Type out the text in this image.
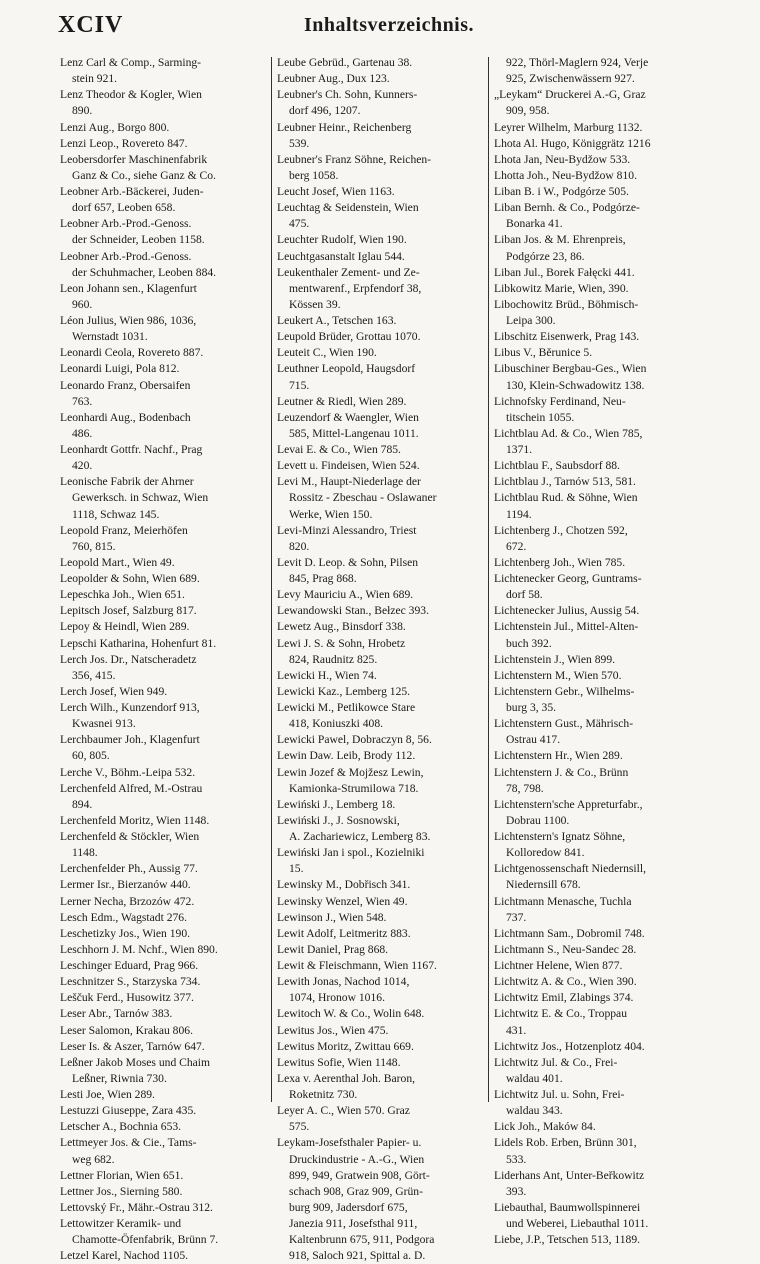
XCIV	Inhaltsverzeichnis.
Lenz Carl & Comp., Sarming-
stein 921.
Lenz Theodor & Kogler, Wien
890.
Lenzi Aug., Borgo 800.
Lenzi Leop., Rovereto 847.
Leobersdorfer Maschinenfabrik
Ganz & Co., siehe Ganz & Co.
Leobner Arb.-Bäckerei, Juden-
dorf 657, Leoben 658.
Leobner Arb.-Prod.-Genoss.
der Schneider, Leoben 1158.
Leobner Arb.-Prod.-Genoss.
der Schuhmacher, Leoben 884.
Leon Johann sen., Klagenfurt
960.
Léon Julius, Wien 986, 1036,
Wernstadt 1031.
Leonardi Ceola, Rovereto 887.
Leonardi Luigi, Pola 812.
Leonardo Franz, Obersaifen
763.
Leonhardi Aug., Bodenbach
486.
Leonhardt Gottfr. Nachf., Prag
420.
Leonische Fabrik der Ahrner
Gewerksch. in Schwaz, Wien
1118, Schwaz 145.
Leopold Franz, Meierhöfen
760, 815.
Leopold Mart., Wien 49.
Leopolder & Sohn, Wien 689.
Lepeschka Joh., Wien 651.
Lepitsch Josef, Salzburg 817.
Lepoy & Heindl, Wien 289.
Lepschi Katharina, Hohenfurt 81.
Lerch Jos. Dr., Natscheradetz
356, 415.
Lerch Josef, Wien 949.
Lerch Wilh., Kunzendorf 913,
Kwasnei 913.
Lerchbaumer Joh., Klagenfurt
60, 805.
Lerche V., Böhm.-Leipa 532.
Lerchenfeld Alfred, M.-Ostrau
894.
Lerchenfeld Moritz, Wien 1148.
Lerchenfeld & Stöckler, Wien
1148.
Lerchenfelder Ph., Aussig 77.
Lermer Isr., Bierzanów 440.
Lerner Necha, Brzozów 472.
Lesch Edm., Wagstadt 276.
Leschetizky Jos., Wien 190.
Leschhorn J. M. Nchf., Wien 890.
Leschinger Eduard, Prag 966.
Leschnitzer S., Starzyska 734.
Leščuk Ferd., Husowitz 377.
Leser Abr., Tarnów 383.
Leser Salomon, Krakau 806.
Leser Is. & Aszer, Tarnów 647.
Leßner Jakob Moses und Chaim
Leßner, Riwnia 730.
Lesti Joe, Wien 289.
Lestuzzi Giuseppe, Zara 435.
Letscher A., Bochnia 653.
Lettmeyer Jos. & Cie., Tams-
weg 682.
Lettner Florian, Wien 651.
Lettner Jos., Sierning 580.
Lettovský Fr., Mähr.-Ostrau 312.
Lettowitzer Keramik- und
Chamotte-Öfenfabrik, Brünn 7.
Letzel Karel, Nachod 1105.
Leube Gebrüd., Gartenau 38.
Leubner Aug., Dux 123.
Leubner's Ch. Sohn, Kunners-
dorf 496, 1207.
Leubner Heinr., Reichenberg
539.
Leubner's Franz Söhne, Reichen-
berg 1058.
Leucht Josef, Wien 1163.
Leuchtag & Seidenstein, Wien
475.
Leuchter Rudolf, Wien 190.
Leuchtgasanstalt Iglau 544.
Leukenthaler Zement- und Ze-
mentwarenf., Erpfendorf 38,
Kössen 39.
Leukert A., Tetschen 163.
Leupold Brüder, Grottau 1070.
Leuteit C., Wien 190.
Leuthner Leopold, Haugsdorf
715.
Leutner & Riedl, Wien 289.
Leuzendorf & Waengler, Wien
585, Mittel-Langenau 1011.
Levai E. & Co., Wien 785.
Levett u. Findeisen, Wien 524.
Levi M., Haupt-Niederlage der
Rossitz - Zbeschau - Oslawaner
Werke, Wien 150.
Levi-Minzi Alessandro, Triest
820.
Levit D. Leop. & Sohn, Pilsen
845, Prag 868.
Levy Mauriciu A., Wien 689.
Lewandowski Stan., Bełzec 393.
Lewetz Aug., Binsdorf 338.
Lewi J. S. & Sohn, Hrobetz
824, Raudnitz 825.
Lewicki H., Wien 74.
Lewicki Kaz., Lemberg 125.
Lewicki M., Petlikowce Stare
418, Koniuszki 408.
Lewicki Pawel, Dobraczyn 8, 56.
Lewin Daw. Leib, Brody 112.
Lewin Jozef & Mojžesz Lewin,
Kamionka-Strumilowa 718.
Lewiński J., Lemberg 18.
Lewiński J., J. Sosnowski,
A. Zachariewicz, Lemberg 83.
Lewiński Jan i spol., Kozielniki
15.
Lewinsky M., Dobřisch 341.
Lewinsky Wenzel, Wien 49.
Lewinson J., Wien 548.
Lewit Adolf, Leitmeritz 883.
Lewit Daniel, Prag 868.
Lewit & Fleischmann, Wien 1167.
Lewith Jonas, Nachod 1014,
1074, Hronow 1016.
Lewitoch W. & Co., Wolin 648.
Lewitus Jos., Wien 475.
Lewitus Moritz, Zwittau 669.
Lewitus Sofie, Wien 1148.
Lexa v. Aerenthal Joh. Baron,
Roketnitz 730.
Leyer A. C., Wien 570. Graz
575.
Leykam-Josefsthaler Papier- u.
Druckindustrie - A.-G., Wien
899, 949, Gratwein 908, Gört-
schach 908, Graz 909, Grün-
burg 909, Jadersdorf 675,
Janezia 911, Josefsthal 911,
Kaltenbrunn 675, 911, Podgora
918, Saloch 921, Spittal a. D.
922, Thörl-Maglern 924, Verje
925, Zwischenwässern 927.
„Leykam“ Druckerei A.-G, Graz
909, 958.
Leyrer Wilhelm, Marburg 1132.
Lhota Al. Hugo, Königgrätz 1216
Lhota Jan, Neu-Bydžow 533.
Lhotta Joh., Neu-Bydžow 810.
Liban B. i W., Podgórze 505.
Liban Bernh. & Co., Podgórze-
Bonarka 41.
Liban Jos. & M. Ehrenpreis,
Podgórze 23, 86.
Liban Jul., Borek Fałęcki 441.
Libkowitz Marie, Wien, 390.
Libochowitz Brüd., Böhmisch-
Leipa 300.
Libschitz Eisenwerk, Prag 143.
Libus V., Běrunice 5.
Libuschiner Bergbau-Ges., Wien
130, Klein-Schwadowitz 138.
Lichnofsky Ferdinand, Neu-
titschein 1055.
Lichtblau Ad. & Co., Wien 785,
1371.
Lichtblau F., Saubsdorf 88.
Lichtblau J., Tarnów 513, 581.
Lichtblau Rud. & Söhne, Wien
1194.
Lichtenberg J., Chotzen 592,
672.
Lichtenberg Joh., Wien 785.
Lichtenecker Georg, Guntrams-
dorf 58.
Lichtenecker Julius, Aussig 54.
Lichtenstein Jul., Mittel-Alten-
buch 392.
Lichtenstein J., Wien 899.
Lichtenstern M., Wien 570.
Lichtenstern Gebr., Wilhelms-
burg 3, 35.
Lichtenstern Gust., Mährisch-
Ostrau 417.
Lichtenstern Hr., Wien 289.
Lichtenstern J. & Co., Brünn
78, 798.
Lichtenstern'sche Appreturfabr.,
Dobrau 1100.
Lichtenstern's Ignatz Söhne,
Kolloredow 841.
Lichtgenossenschaft Niedernsill,
Niedernsill 678.
Lichtmann Menasche, Tuchla
737.
Lichtmann Sam., Dobromil 748.
Lichtmann S., Neu-Sandec 28.
Lichtner Helene, Wien 877.
Lichtwitz A. & Co., Wien 390.
Lichtwitz Emil, Zlabings 374.
Lichtwitz E. & Co., Troppau
431.
Lichtwitz Jos., Hotzenplotz 404.
Lichtwitz Jul. & Co., Frei-
waldau 401.
Lichtwitz Jul. u. Sohn, Frei-
waldau 343.
Lick Joh., Maków 84.
Lidels Rob. Erben, Brünn 301,
533.
Liderhans Ant, Unter-Beřkowitz
393.
Liebauthal, Baumwollspinnerei
und Weberei, Liebauthal 1011.
Liebe, J.P., Tetschen 513, 1189.
